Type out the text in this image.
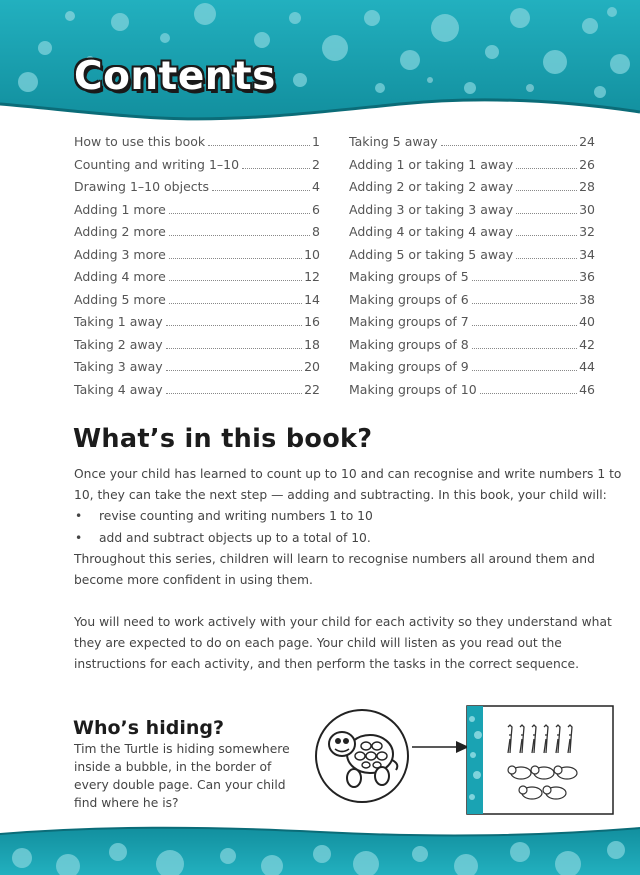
Contents
How to use this book	1
Counting and writing 1–10	2
Drawing 1–10 objects	4
Adding 1 more	6
Adding 2 more	8
Adding 3 more	10
Adding 4 more	12
Adding 5 more	14
Taking 1 away	16
Taking 2 away	18
Taking 3 away	20
Taking 4 away	22
Taking 5 away	24
Adding 1 or taking 1 away	26
Adding 2 or taking 2 away	28
Adding 3 or taking 3 away	30
Adding 4 or taking 4 away	32
Adding 5 or taking 5 away	34
Making groups of 5	36
Making groups of 6	38
Making groups of 7	40
Making groups of 8	42
Making groups of 9	44
Making groups of 10	46
What’s in this book?

Once your child has learned to count up to 10 and can recognise and write numbers 1 to 10, they can take the next step — adding and subtracting. In this book, your child will:

• revise counting and writing numbers 1 to 10
• add and subtract objects up to a total of 10.

Throughout this series, children will learn to recognise numbers all around them and become more confident in using them.

You will need to work actively with your child for each activity so they understand what they are expected to do on each page. Your child will listen as you read out the instructions for each activity, and then perform the tasks in the correct sequence.

Who’s hiding?

Tim the Turtle is hiding somewhere inside a bubble, in the border of every double page. Can your child find where he is?
